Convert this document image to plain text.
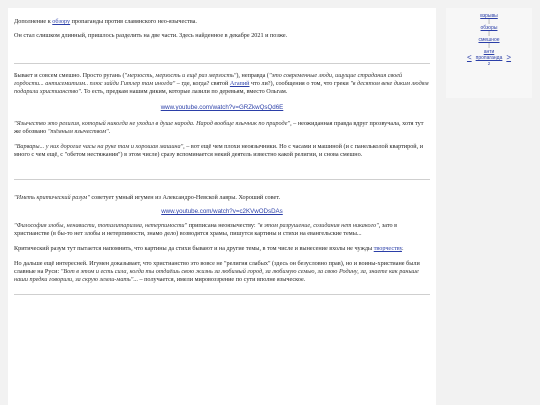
Дополнение к обзору пропаганды против славянского нео-язычества.

Он стал слишком длинный, пришлось разделить на две части. Здесь найденное в декабре 2021 и позже.

Бывает и совсем смешно. Просто ругань ("мерзость, мерзость и ещё раз мерзость"), неправда ("это современные люди, ищущие страдания своей гордости... антисемитизм.. плюс зайди Гитлер там иногда" – где, когда? святой Агапий что ли?), сообщения о том, что греки "в десятом веке диким людям подарили христианство". То есть, предкам нашим диким, которые лазили по деревьям, вместо Ольгам.

www.youtube.com/watch?v=GRZkwQsQd6E

"Язычество это религия, который никогда не уходил в душе народа. Народ вообще язычник по природе", – неожиданная правда вдруг прозвучала, хотя тут же обозвано "тёмным язычеством".

"Варвары... у них дорогие часы на руке там и хорошая машина", – вот ещё чем плохи неоязычники. Но с часами и машиной (и с панельколой квартирой, и много с чем ещё, с "обетом нестяжания") в этом числе) сразу вспоминается некий деятель известно какой религии, и снова смешно.

"Иметь критический разум" советует умный игумен из Александро-Невской лавры. Хороший совет.

www.youtube.com/watch?v=c2KVwODsDAs

"Философия злобы, ненависти, тоталитаризма, нетерпимости" приписана неоязычеству: "в этом разрушение, созидания нет никакого", зато в христианстве (в бы-то нет злобы и нетерпимости, знамо дело) возводятся храмы, пишутся картины и стихи на евангельские темы...

Критический разум тут пытается напомнить, что картины да стихи бывают и на другие темы, в том числе и вынесение вхолы не чужды творчеству.

Но дальше ещё интересней. Игумен доказывает, что христианство это вовсе не "религия слабых" (здесь он безусловно прав), но и воины-христиане были славные на Руси: "Вот в этом и есть сила, когда ты отдаёшь свою жизнь за любимый город, за любимую семью, за свою Родину, за, знаете как раньше наши предки говорили, за скрую земли-мать"... – получается, имели мировоззрение по сути вполне языческое.

взрывы
|
обзоры
|
смешное
|
<
анти
пропаганда
2
>
